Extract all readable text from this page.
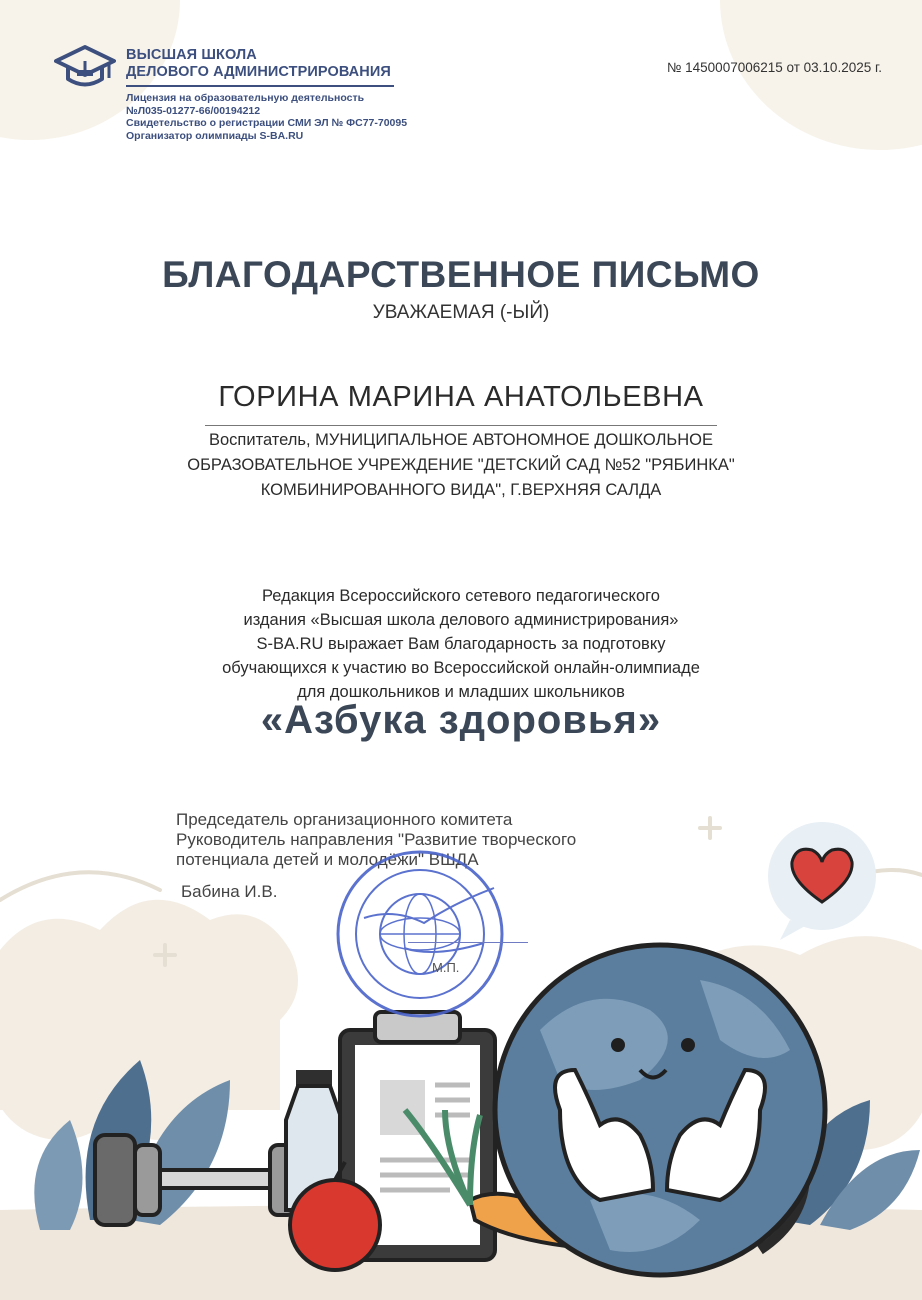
ВЫСШАЯ ШКОЛА
ДЕЛОВОГО АДМИНИСТРИРОВАНИЯ
Лицензия на образовательную деятельность
№Л035-01277-66/00194212
Свидетельство о регистрации СМИ ЭЛ № ФС77-70095
Организатор олимпиады S-BA.RU
№ 1450007006215 от 03.10.2025 г.
БЛАГОДАРСТВЕННОЕ ПИСЬМО
УВАЖАЕМАЯ (-ЫЙ)
ГОРИНА МАРИНА АНАТОЛЬЕВНА
Воспитатель, МУНИЦИПАЛЬНОЕ АВТОНОМНОЕ ДОШКОЛЬНОЕ
ОБРАЗОВАТЕЛЬНОЕ УЧРЕЖДЕНИЕ "ДЕТСКИЙ САД №52 "РЯБИНКА"
КОМБИНИРОВАННОГО ВИДА", Г.ВЕРХНЯЯ САЛДА
Редакция Всероссийского сетевого педагогического
издания «Высшая школа делового администрирования»
S-BA.RU выражает Вам благодарность за подготовку
обучающихся к участию во Всероссийской онлайн-олимпиаде
для дошкольников и младших школьников
«Азбука здоровья»
Председатель организационного комитета
Руководитель направления "Развитие творческого
потенциала детей и молодёжи" ВШДА
Бабина И.В.
М.П.
